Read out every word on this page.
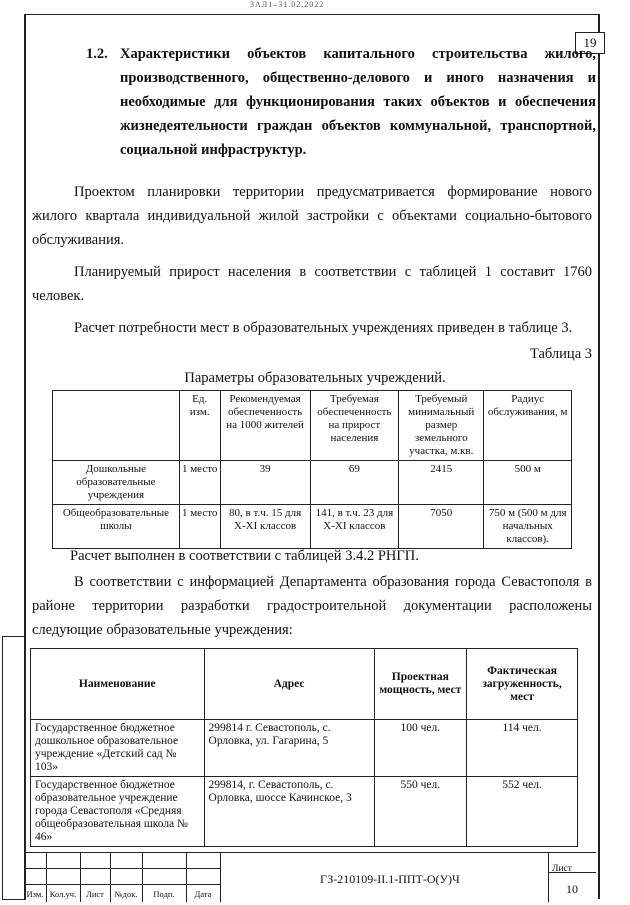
3ΛЛ1–31.02.2022
19
1.2. Характеристики объектов капитального строительства жилого, производственного, общественно-делового и иного назначения и необходимые для функционирования таких объектов и обеспечения жизнедеятельности граждан объектов коммунальной, транспортной, социальной инфраструктур.
Проектом планировки территории предусматривается формирование нового жилого квартала индивидуальной жилой застройки с объектами социально-бытового обслуживания.
Планируемый прирост населения в соответствии с таблицей 1 составит 1760 человек.
Расчет потребности мест в образовательных учреждениях приведен в таблице 3.
Таблица 3
Параметры образовательных учреждений.
	Ед. изм.	Рекомендуемая обеспеченность на 1000 жителей	Требуемая обеспеченность на прирост населения	Требуемый минимальный размер земельного участка, м.кв.	Радиус обслуживания, м
Дошкольные образовательные учреждения	1 место	39	69	2415	500 м
Общеобразовательные школы	1 место	80, в т.ч. 15 для X-XI классов	141, в т.ч. 23 для X-XI классов	7050	750 м (500 м для начальных классов).
Расчет выполнен в соответствии с таблицей 3.4.2 РНГП.
В соответствии с информацией Департамента образования города Севастополя в районе территории разработки градостроительной документации расположены следующие образовательные учреждения:
Наименование	Адрес	Проектная мощность, мест	Фактическая загруженность, мест
Государственное бюджетное дошкольное образовательное учреждение «Детский сад № 103»	299814 г. Севастополь, с. Орловка, ул. Гагарина, 5	100 чел.	114 чел.
Государственное бюджетное образовательное учреждение города Севастополя «Средняя общеобразовательная школа № 46»	299814, г. Севастополь, с. Орловка, шоссе Качинское, 3	550 чел.	552 чел.
Изм. Кол.уч.	Лист	№док.	Подп.	Дата
ГЗ-210109-II.1-ППТ-О(У)Ч
Лист
10
